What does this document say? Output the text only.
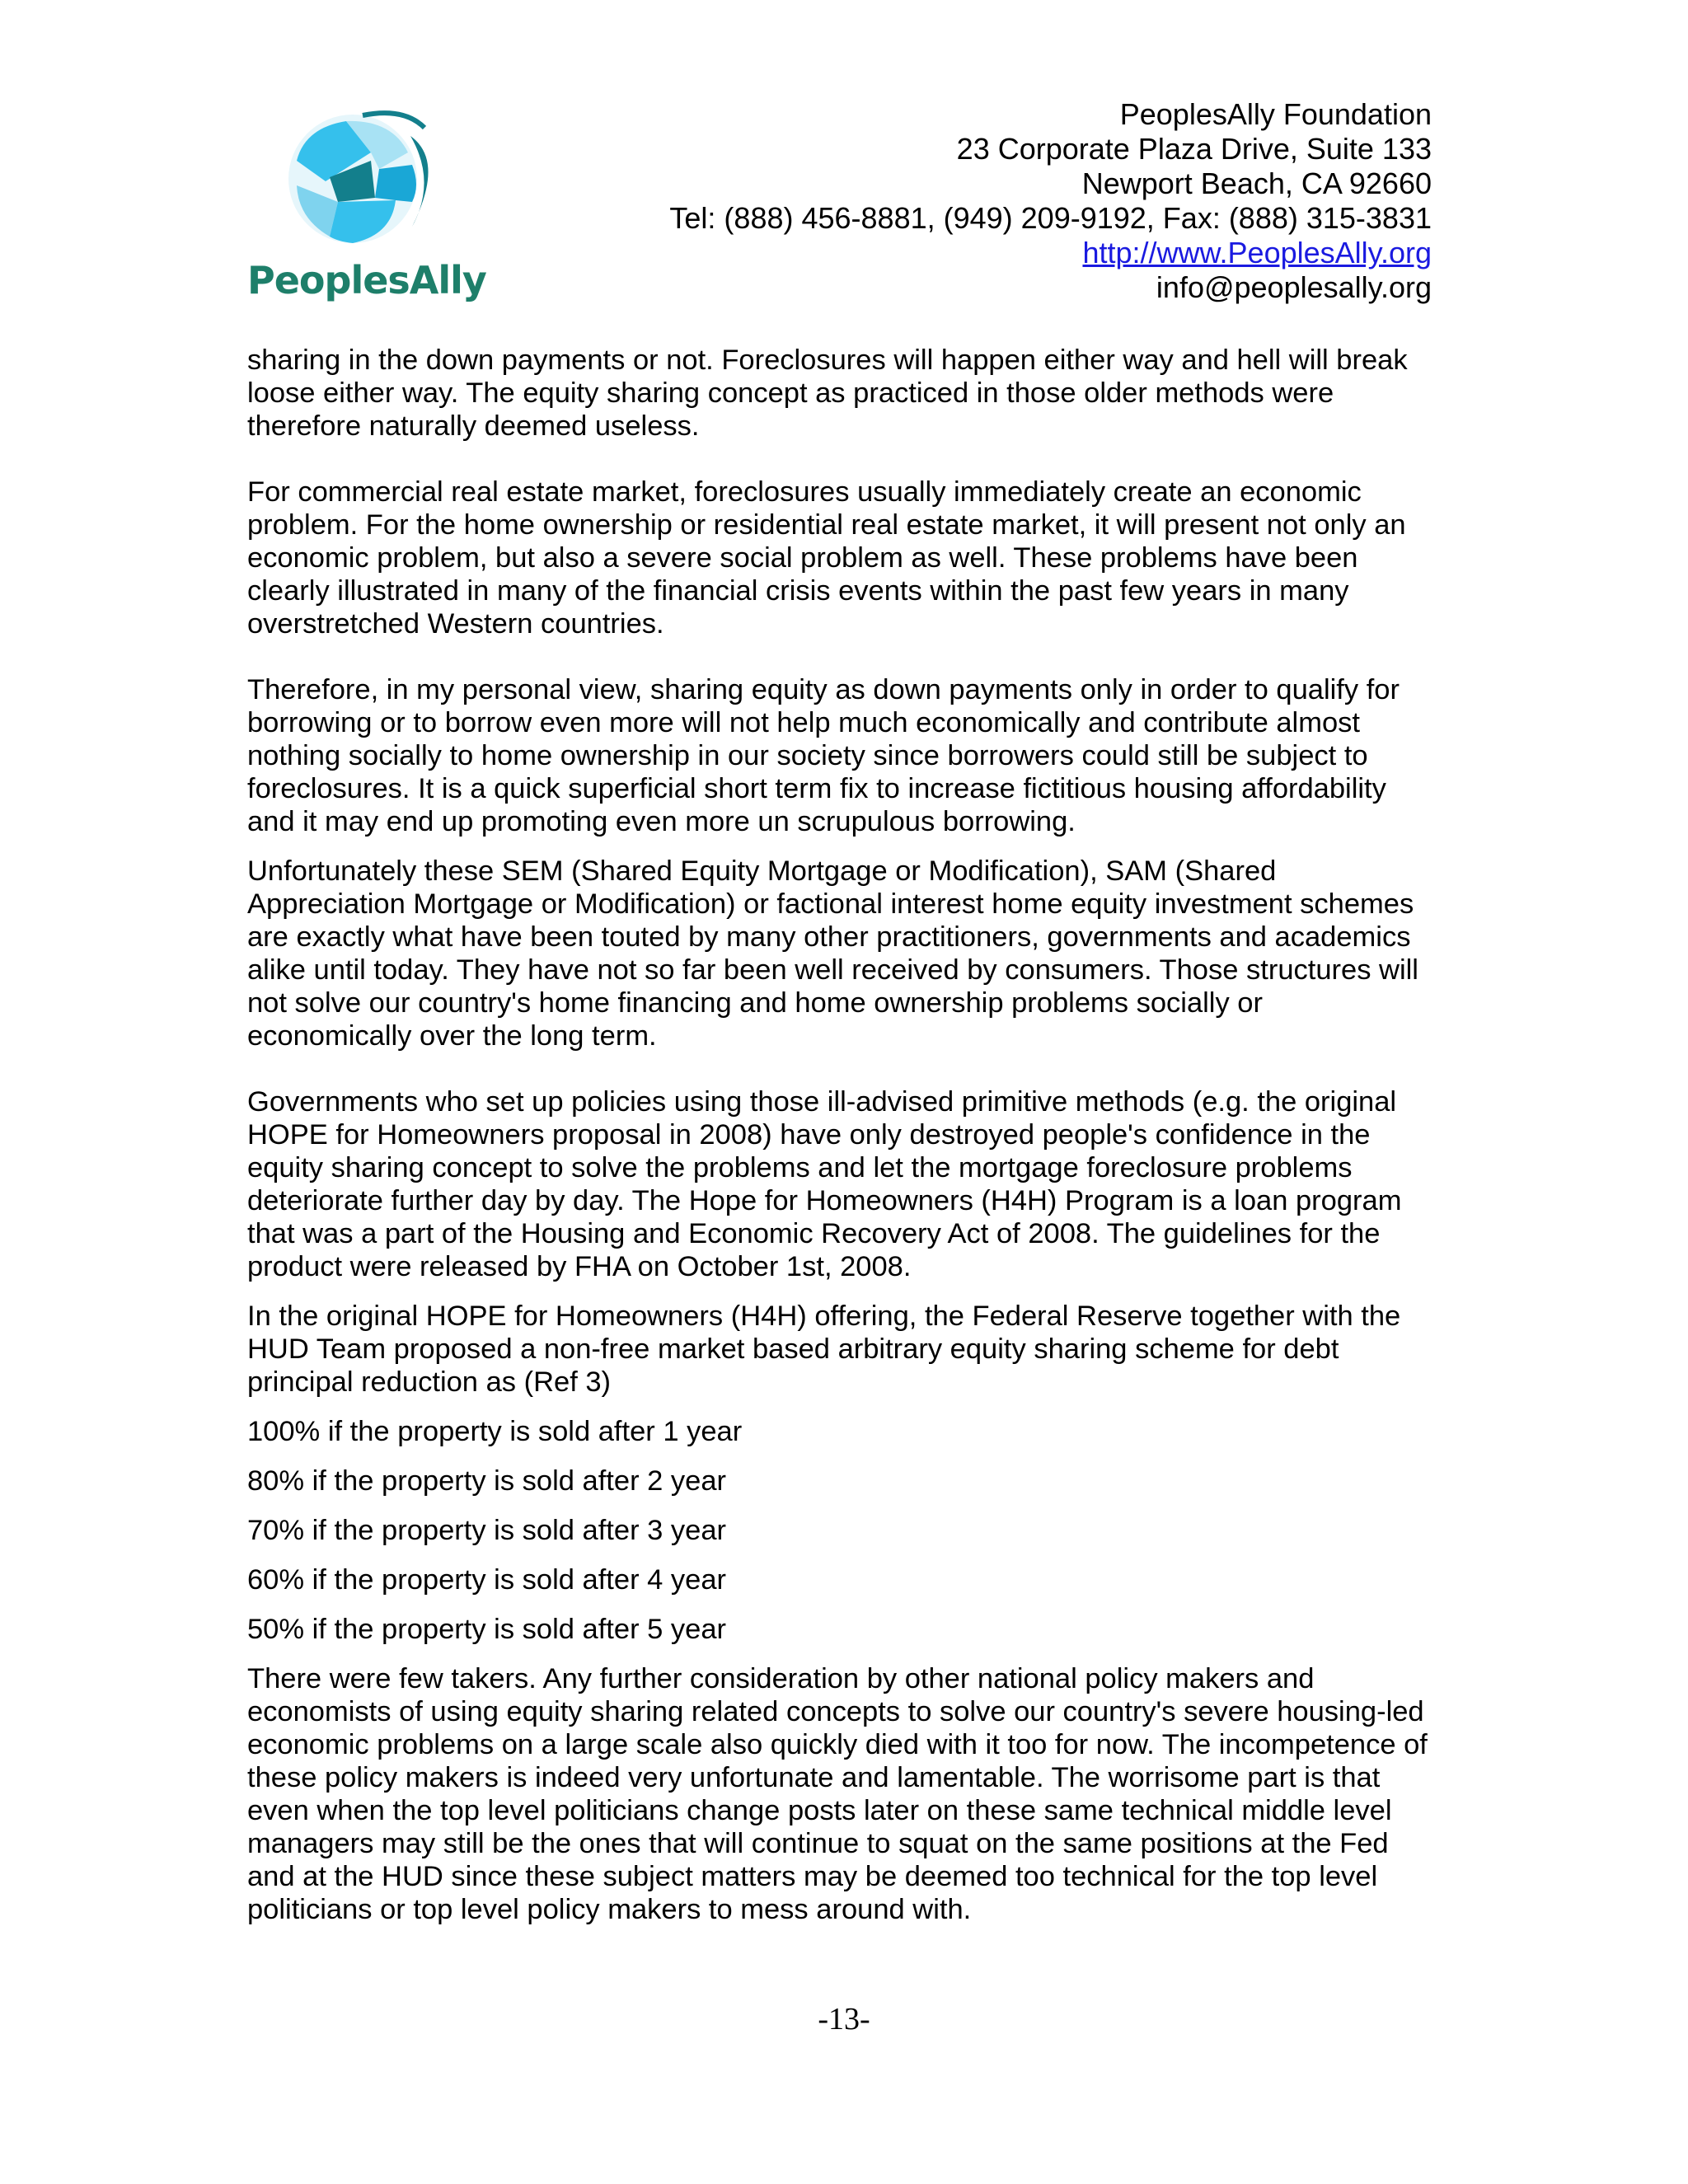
PeoplesAlly
PeoplesAlly Foundation
23 Corporate Plaza Drive, Suite 133
Newport Beach, CA 92660
Tel: (888) 456-8881, (949) 209-9192, Fax: (888) 315-3831
http://www.PeoplesAlly.org
info@peoplesally.org

sharing in the down payments or not. Foreclosures will happen either way and hell will break loose either way. The equity sharing concept as practiced in those older methods were therefore naturally deemed useless.

For commercial real estate market, foreclosures usually immediately create an economic problem. For the home ownership or residential real estate market, it will present not only an economic problem, but also a severe social problem as well. These problems have been clearly illustrated in many of the financial crisis events within the past few years in many overstretched Western countries.

Therefore, in my personal view, sharing equity as down payments only in order to qualify for borrowing or to borrow even more will not help much economically and contribute almost nothing socially to home ownership in our society since borrowers could still be subject to foreclosures. It is a quick superficial short term fix to increase fictitious housing affordability and it may end up promoting even more un scrupulous borrowing.

Unfortunately these SEM (Shared Equity Mortgage or Modification), SAM (Shared Appreciation Mortgage or Modification) or factional interest home equity investment schemes are exactly what have been touted by many other practitioners, governments and academics alike until today. They have not so far been well received by consumers. Those structures will not solve our country's home financing and home ownership problems socially or economically over the long term.

Governments who set up policies using those ill-advised primitive methods (e.g. the original HOPE for Homeowners proposal in 2008) have only destroyed people's confidence in the equity sharing concept to solve the problems and let the mortgage foreclosure problems deteriorate further day by day. The Hope for Homeowners (H4H) Program is a loan program that was a part of the Housing and Economic Recovery Act of 2008. The guidelines for the product were released by FHA on October 1st, 2008.

In the original HOPE for Homeowners (H4H) offering, the Federal Reserve together with the HUD Team proposed a non-free market based arbitrary equity sharing scheme for debt principal reduction as (Ref 3)

100% if the property is sold after 1 year

80% if the property is sold after 2 year

70% if the property is sold after 3 year

60% if the property is sold after 4 year

50% if the property is sold after 5 year

There were few takers. Any further consideration by other national policy makers and economists of using equity sharing related concepts to solve our country's severe housing-led economic problems on a large scale also quickly died with it too for now. The incompetence of these policy makers is indeed very unfortunate and lamentable. The worrisome part is that even when the top level politicians change posts later on these same technical middle level managers may still be the ones that will continue to squat on the same positions at the Fed and at the HUD since these subject matters may be deemed too technical for the top level politicians or top level policy makers to mess around with.

-13-
